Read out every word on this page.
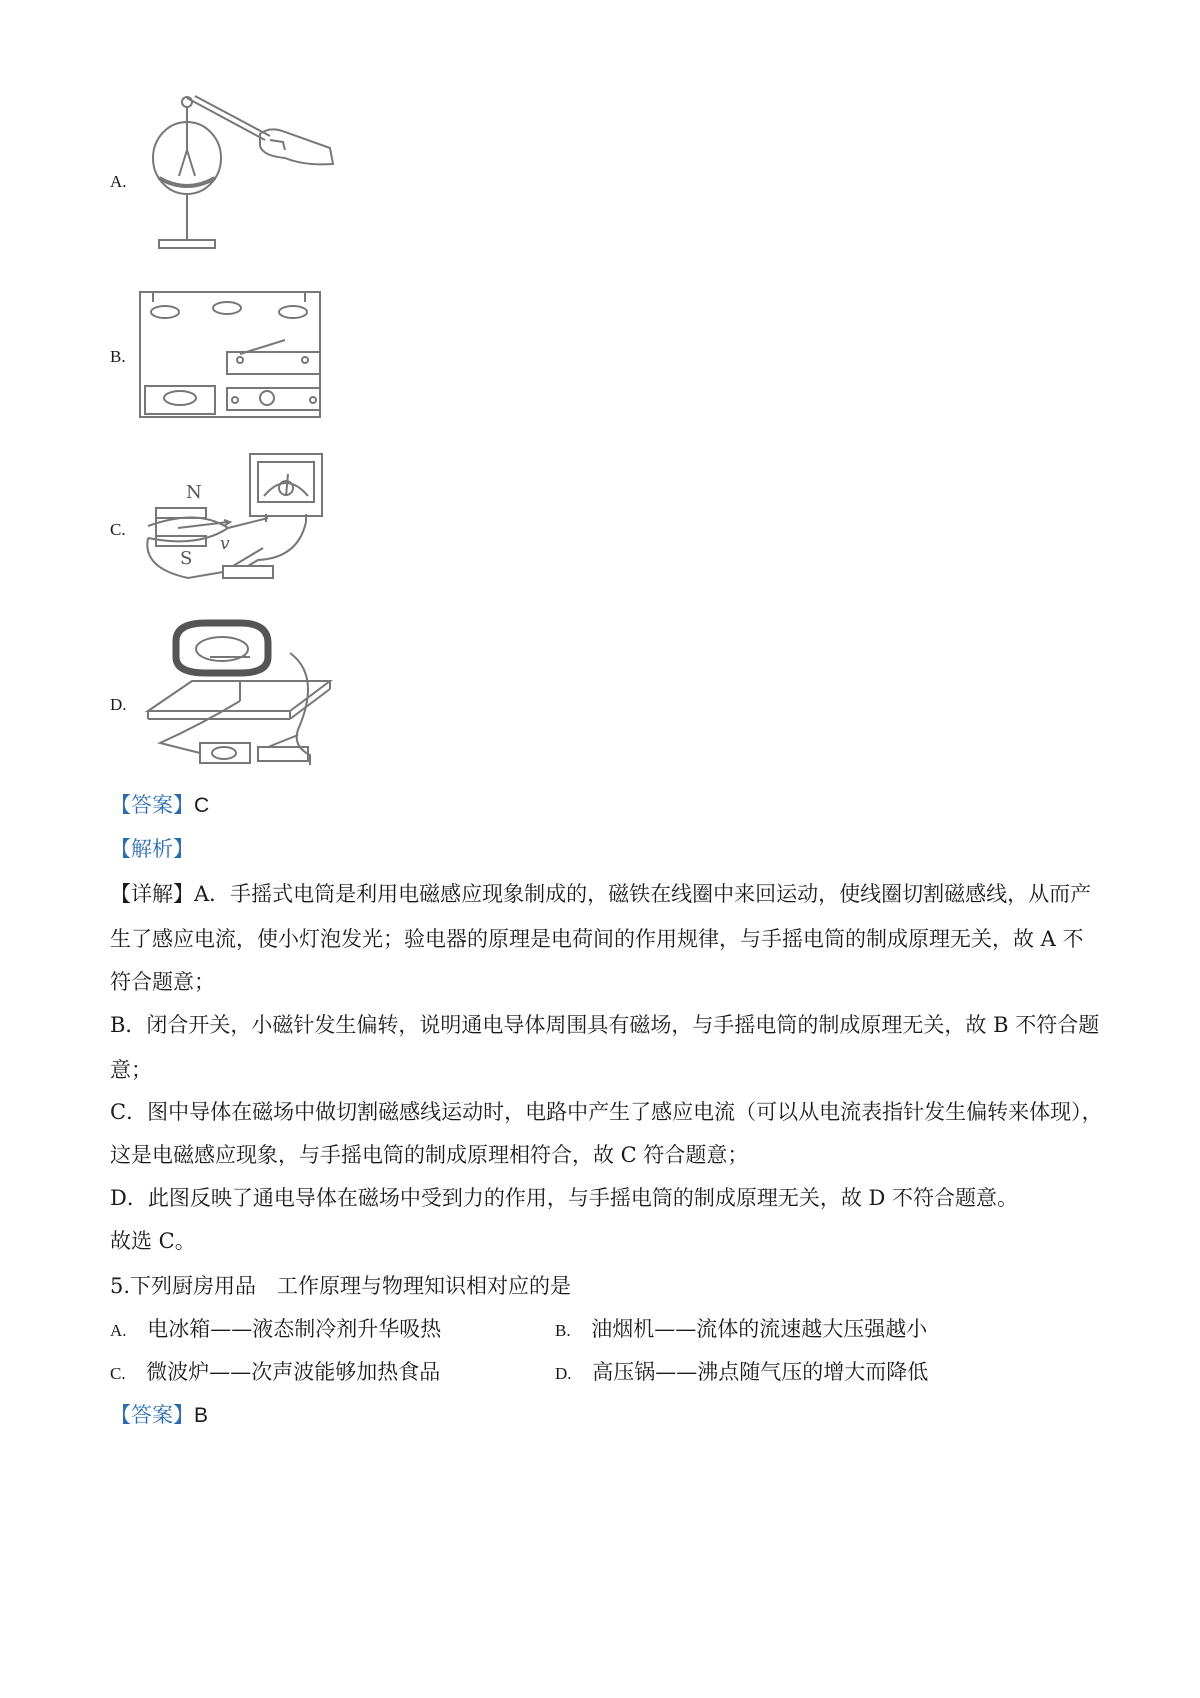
A.
B.
C.
N
S
v
D.
【答案】C
【解析】
【详解】A．手摇式电筒是利用电磁感应现象制成的，磁铁在线圈中来回运动，使线圈切割磁感线，从而产
生了感应电流，使小灯泡发光；验电器的原理是电荷间的作用规律，与手摇电筒的制成原理无关，故 A 不
符合题意；
B．闭合开关，小磁针发生偏转，说明通电导体周围具有磁场，与手摇电筒的制成原理无关，故 B 不符合题
意；
C．图中导体在磁场中做切割磁感线运动时，电路中产生了感应电流（可以从电流表指针发生偏转来体现），
这是电磁感应现象，与手摇电筒的制成原理相符合，故 C 符合题意；
D．此图反映了通电导体在磁场中受到力的作用，与手摇电筒的制成原理无关，故 D 不符合题意。
故选 C。
5.下列厨房用品　工作原理与物理知识相对应的是
A. 电冰箱——液态制冷剂升华吸热	B. 油烟机——流体的流速越大压强越小
C. 微波炉——次声波能够加热食品	D. 高压锅——沸点随气压的增大而降低
【答案】B
